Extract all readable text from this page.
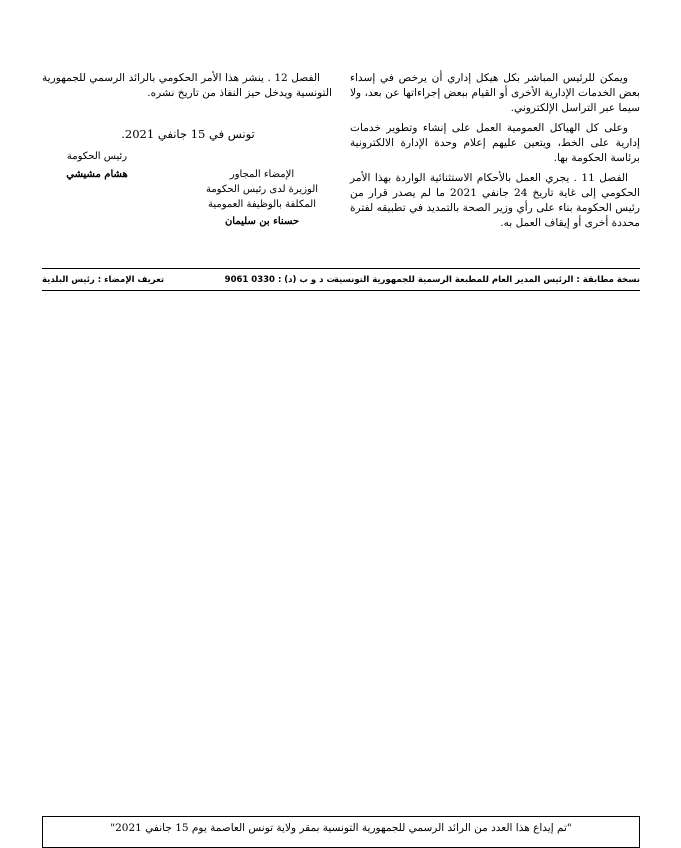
ويمكن للرئيس المباشر بكل هيكل إداري أن يرخص في إسداء بعض الخدمات الإدارية الأخرى أو القيام ببعض إجراءاتها عن بعد، ولا سيما عبر التراسل الإلكتروني.

وعلى كل الهياكل العمومية العمل على إنشاء وتطوير خدمات إدارية على الخط، ويتعين عليهم إعلام وحدة الإدارة الالكترونية برئاسة الحكومة بها.

الفصل 11 . يجري العمل بالأحكام الاستثنائية الواردة بهذا الأمر الحكومي إلى غاية تاريخ 24 جانفي 2021 ما لم يصدر قرار من رئيس الحكومة بناء على رأي وزير الصحة بالتمديد في تطبيقه لفترة محددة أخرى أو إيقاف العمل به.

الفصل 12 . ينشر هذا الأمر الحكومي بالرائد الرسمي للجمهورية التونسية ويدخل حيز النفاذ من تاريخ نشره.

تونس في 15 جانفي 2021.
رئيس الحكومة
هشام مشيشي	الإمضاء المجاور
الوزيرة لدى رئيس الحكومة المكلفة بالوظيفة العمومية
حسناء بن سليمان
نسخة مطابقة : الرئيس المدير العام للمطبعة الرسمية للجمهورية التونسية
ت د و ب (د) : 0330 9061
تعريف الإمضاء : رئيس البلدية
"تم إيداع هذا العدد من الرائد الرسمي للجمهورية التونسية بمقر ولاية تونس العاصمة يوم 15 جانفي 2021"
